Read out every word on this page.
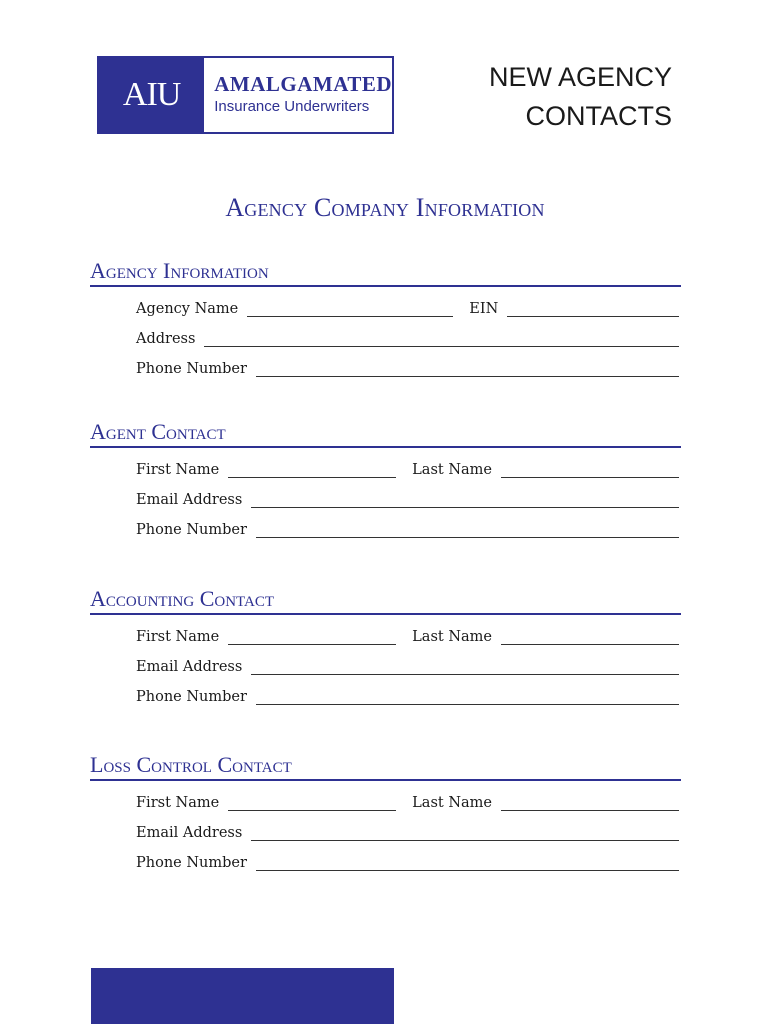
AIU	AMALGAMATED
Insurance Underwriters
NEW AGENCY
CONTACTS
Agency Company Information
Agency Information
Agency Name	EIN
Address
Phone Number
Agent Contact
First Name	Last Name
Email Address
Phone Number
Accounting Contact
First Name	Last Name
Email Address
Phone Number
Loss Control Contact
First Name	Last Name
Email Address
Phone Number
